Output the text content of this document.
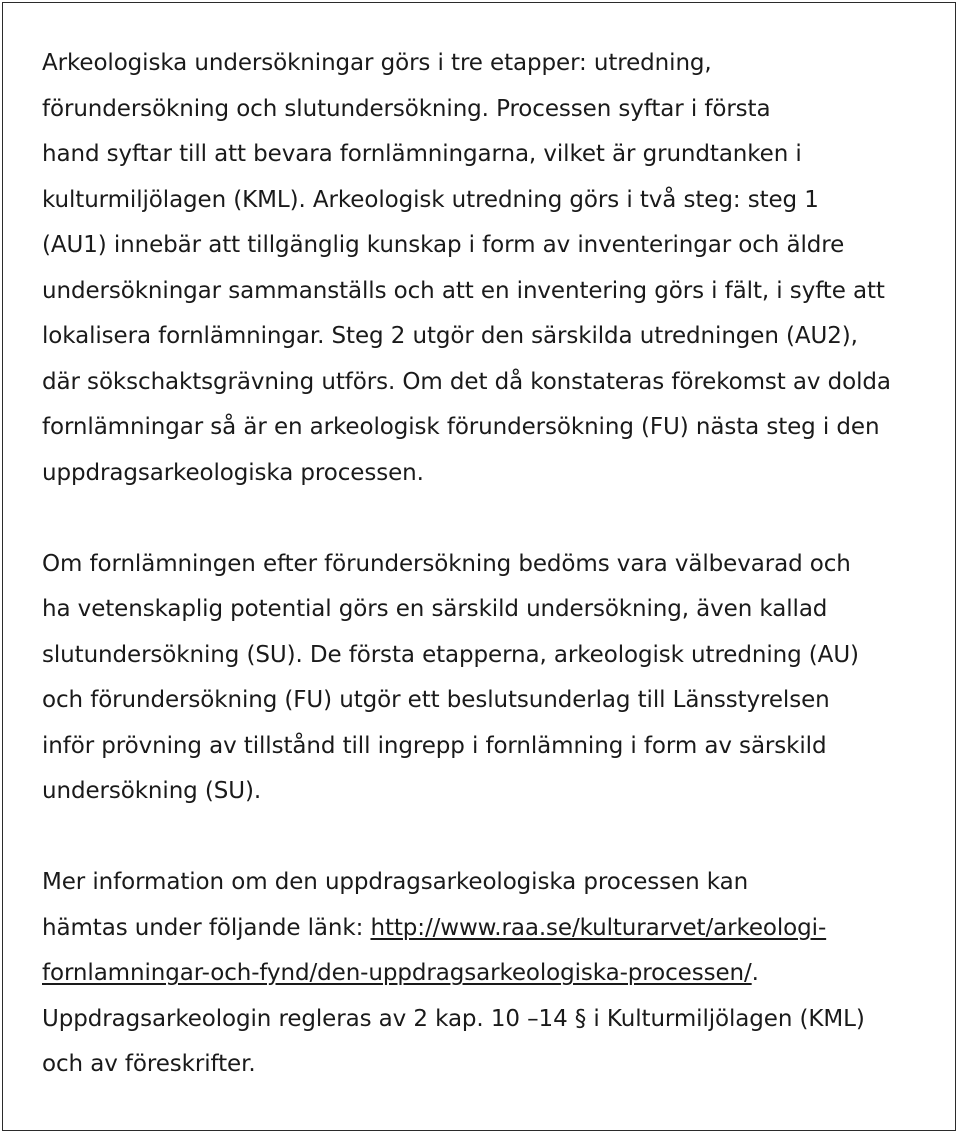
Arkeologiska undersökningar görs i tre etapper: utredning,
förundersökning och slutundersökning. Processen syftar i första
hand syftar till att bevara fornlämningarna, vilket är grundtanken i
kulturmiljölagen (KML). Arkeologisk utredning görs i två steg: steg 1
(AU1) innebär att tillgänglig kunskap i form av inventeringar och äldre
undersökningar sammanställs och att en inventering görs i fält, i syfte att
lokalisera fornlämningar. Steg 2 utgör den särskilda utredningen (AU2),
där sökschaktsgrävning utförs. Om det då konstateras förekomst av dolda
fornlämningar så är en arkeologisk förundersökning (FU) nästa steg i den
uppdragsarkeologiska processen.
Om fornlämningen efter förundersökning bedöms vara välbevarad och
ha vetenskaplig potential görs en särskild undersökning, även kallad
slutundersökning (SU). De första etapperna, arkeologisk utredning (AU)
och förundersökning (FU) utgör ett beslutsunderlag till Länsstyrelsen
inför prövning av tillstånd till ingrepp i fornlämning i form av särskild
undersökning (SU).
Mer information om den uppdragsarkeologiska processen kan
hämtas under följande länk: http://www.raa.se/kulturarvet/arkeologi-
fornlamningar-och-fynd/den-uppdragsarkeologiska-processen/.
Uppdragsarkeologin regleras av 2 kap. 10 –14 § i Kulturmiljölagen (KML)
och av föreskrifter.
